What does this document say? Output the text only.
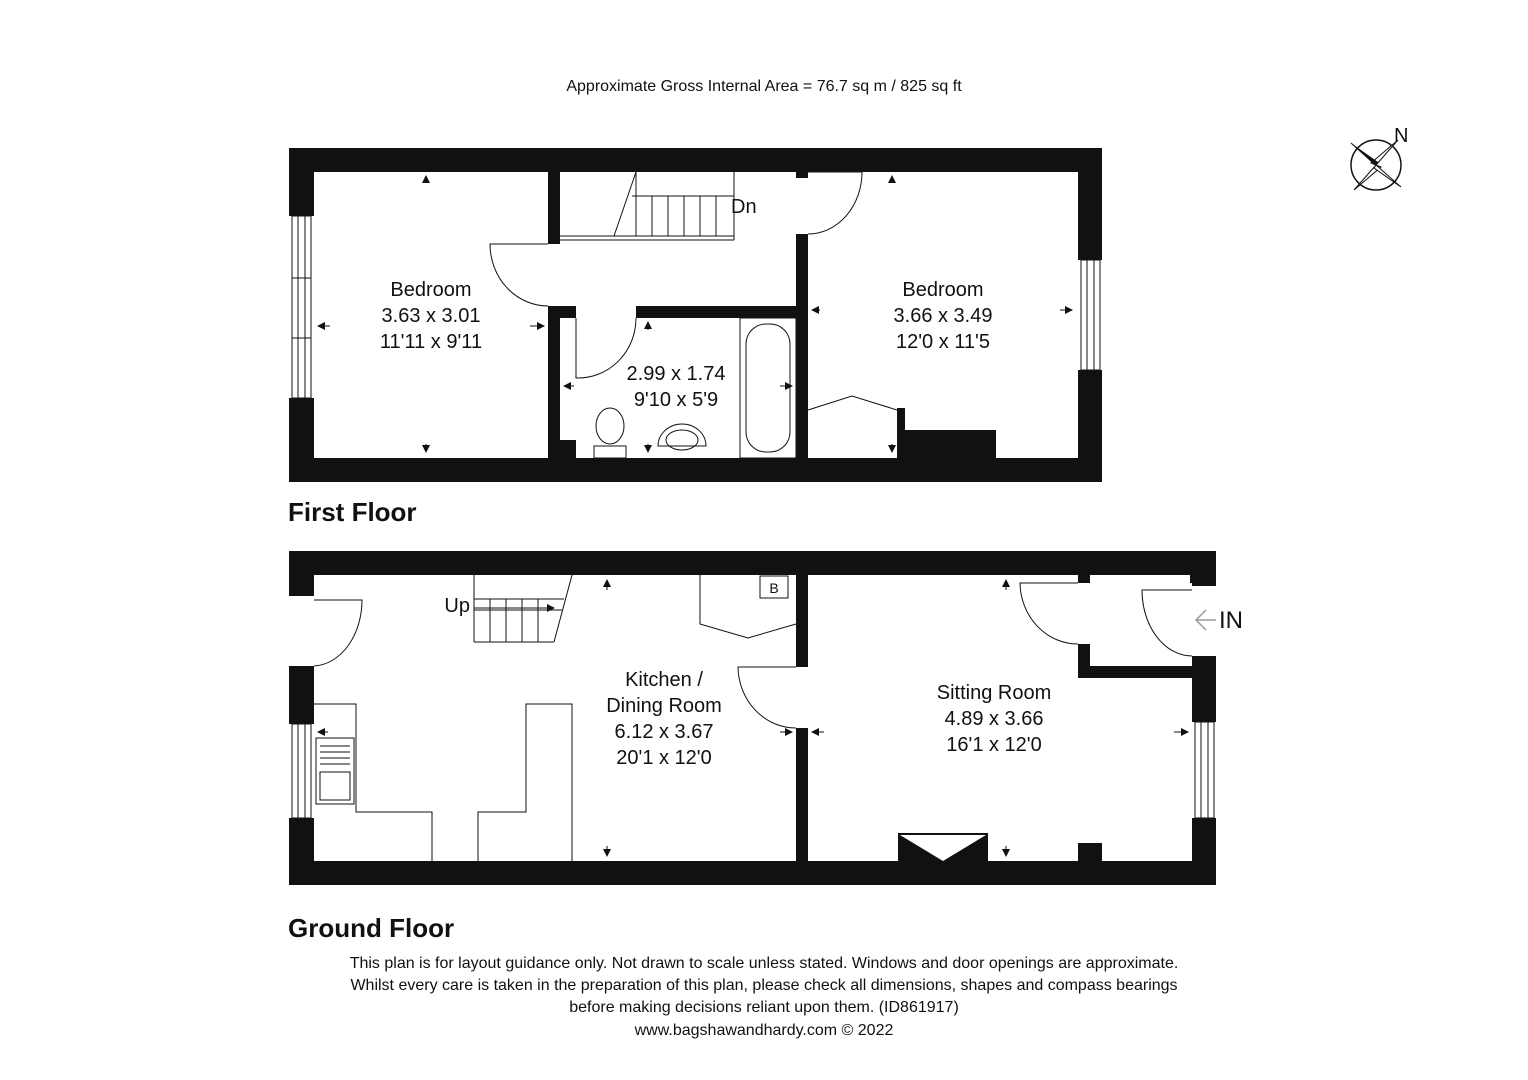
Approximate Gross Internal Area = 76.7 sq m / 825 sq ft
N
Dn
Bedroom
3.63 x 3.01
11'11 x 9'11
2.99 x 1.74
9'10 x 5'9
Bedroom
3.66 x 3.49
12'0 x 11'5
B
IN
Up
Kitchen /
Dining Room
6.12 x 3.67
20'1 x 12'0
Sitting Room
4.89 x 3.66
16'1 x 12'0
First Floor
Ground Floor
This plan is for layout guidance only. Not drawn to scale unless stated. Windows and door openings are approximate.
Whilst every care is taken in the preparation of this plan, please check all dimensions, shapes and compass bearings
before making decisions reliant upon them. (ID861917)
www.bagshawandhardy.com © 2022
